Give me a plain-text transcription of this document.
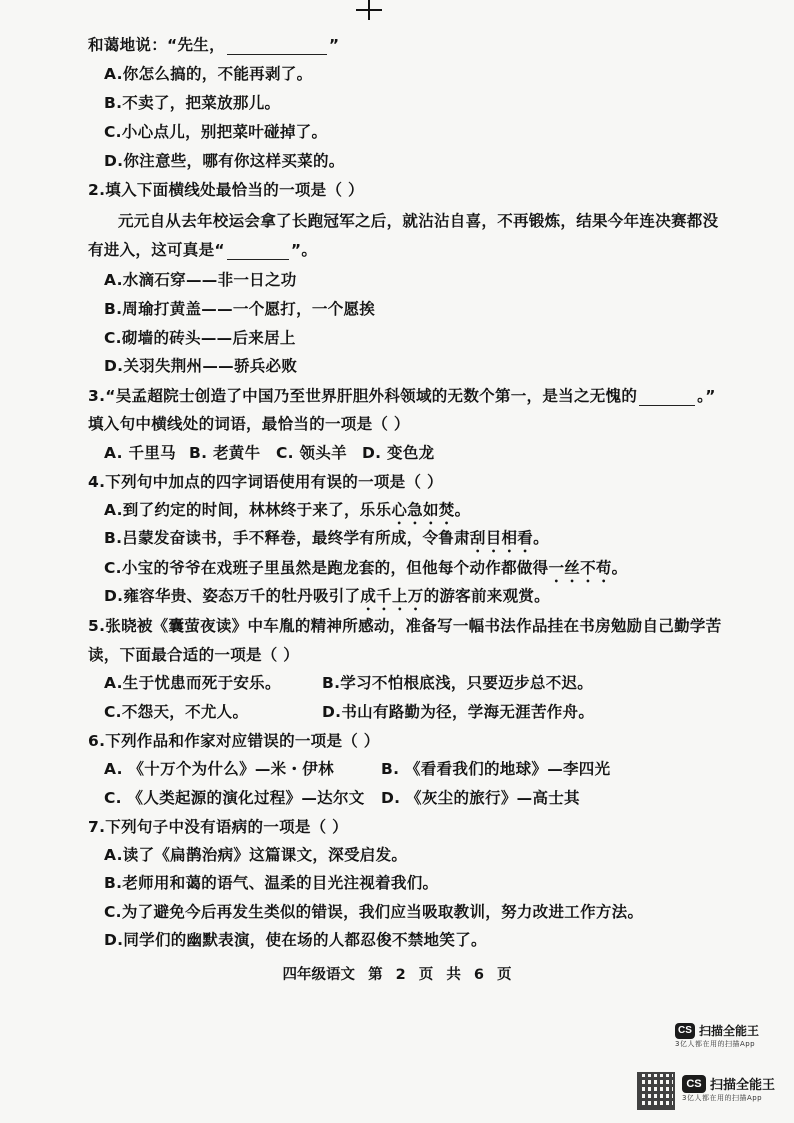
和蔼地说：“先生，	”
A.你怎么搞的，不能再剥了。
B.不卖了，把菜放那儿。
C.小心点儿，别把菜叶碰掉了。
D.你注意些，哪有你这样买菜的。
2.填入下面横线处最恰当的一项是（ ）
元元自从去年校运会拿了长跑冠军之后，就沾沾自喜，不再锻炼，结果今年连决赛都没
有进入，这可真是“	”。
A.水滴石穿——非一日之功
B.周瑜打黄盖——一个愿打，一个愿挨
C.砌墙的砖头——后来居上
D.关羽失荆州——骄兵必败
3.“吴孟超院士创造了中国乃至世界肝胆外科领域的无数个第一，是当之无愧的	。”
填入句中横线处的词语，最恰当的一项是（ ）
A. 千里马 B. 老黄牛 C. 领头羊 D. 变色龙
4.下列句中加点的四字词语使用有误的一项是（ ）
A.到了约定的时间，林林终于来了，乐乐心急如焚。
B.吕蒙发奋读书，手不释卷，最终学有所成，令鲁肃刮目相看。
C.小宝的爷爷在戏班子里虽然是跑龙套的，但他每个动作都做得一丝不苟。
D.雍容华贵、姿态万千的牡丹吸引了成千上万的游客前来观赏。
5.张晓被《囊萤夜读》中车胤的精神所感动，准备写一幅书法作品挂在书房勉励自己勤学苦
读，下面最合适的一项是（ ）
A.生于忧患而死于安乐。	B.学习不怕根底浅，只要迈步总不迟。
C.不怨天，不尤人。	D.书山有路勤为径，学海无涯苦作舟。
6.下列作品和作家对应错误的一项是（ ）
A. 《十万个为什么》—米・伊林	B. 《看看我们的地球》—李四光
C. 《人类起源的演化过程》—达尔文 D. 《灰尘的旅行》—高士其
7.下列句子中没有语病的一项是（ ）
A.读了《扁鹊治病》这篇课文，深受启发。
B.老师用和蔼的语气、温柔的目光注视着我们。
C.为了避免今后再发生类似的错误，我们应当吸取教训，努力改进工作方法。
D.同学们的幽默表演，使在场的人都忍俊不禁地笑了。
四年级语文 第 2 页 共 6 页
CS 扫描全能王
3亿人都在用的扫描App
CS 扫描全能王
3亿人都在用的扫描App
